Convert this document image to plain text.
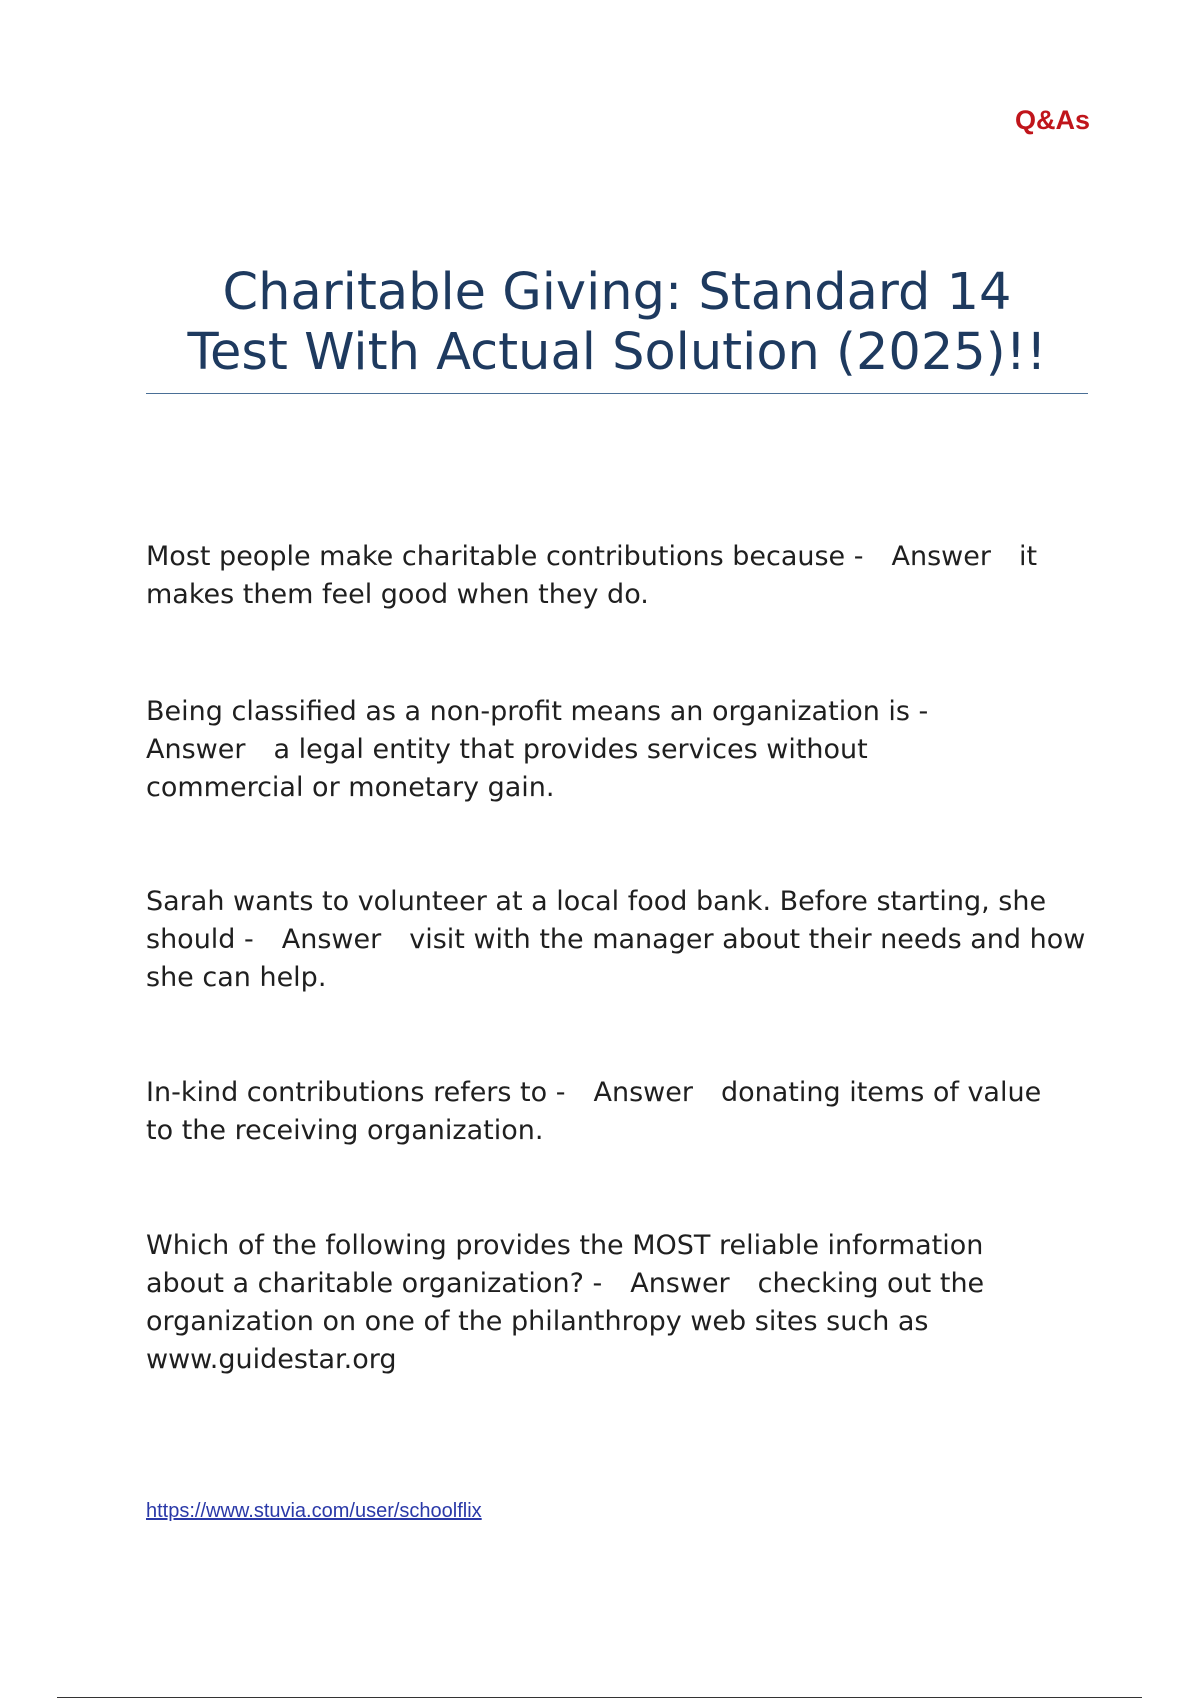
Q&As
Charitable Giving: Standard 14
Test With Actual Solution (2025)!!

Most people make charitable contributions because - Answer it makes them feel good when they do.

Being classified as a non-profit means an organization is - Answer a legal entity that provides services without commercial or monetary gain.

Sarah wants to volunteer at a local food bank. Before starting, she should - Answer visit with the manager about their needs and how she can help.

In-kind contributions refers to - Answer donating items of value to the receiving organization.

Which of the following provides the MOST reliable information about a charitable organization? - Answer checking out the organization on one of the philanthropy web sites such as www.guidestar.org

https://www.stuvia.com/user/schoolflix
